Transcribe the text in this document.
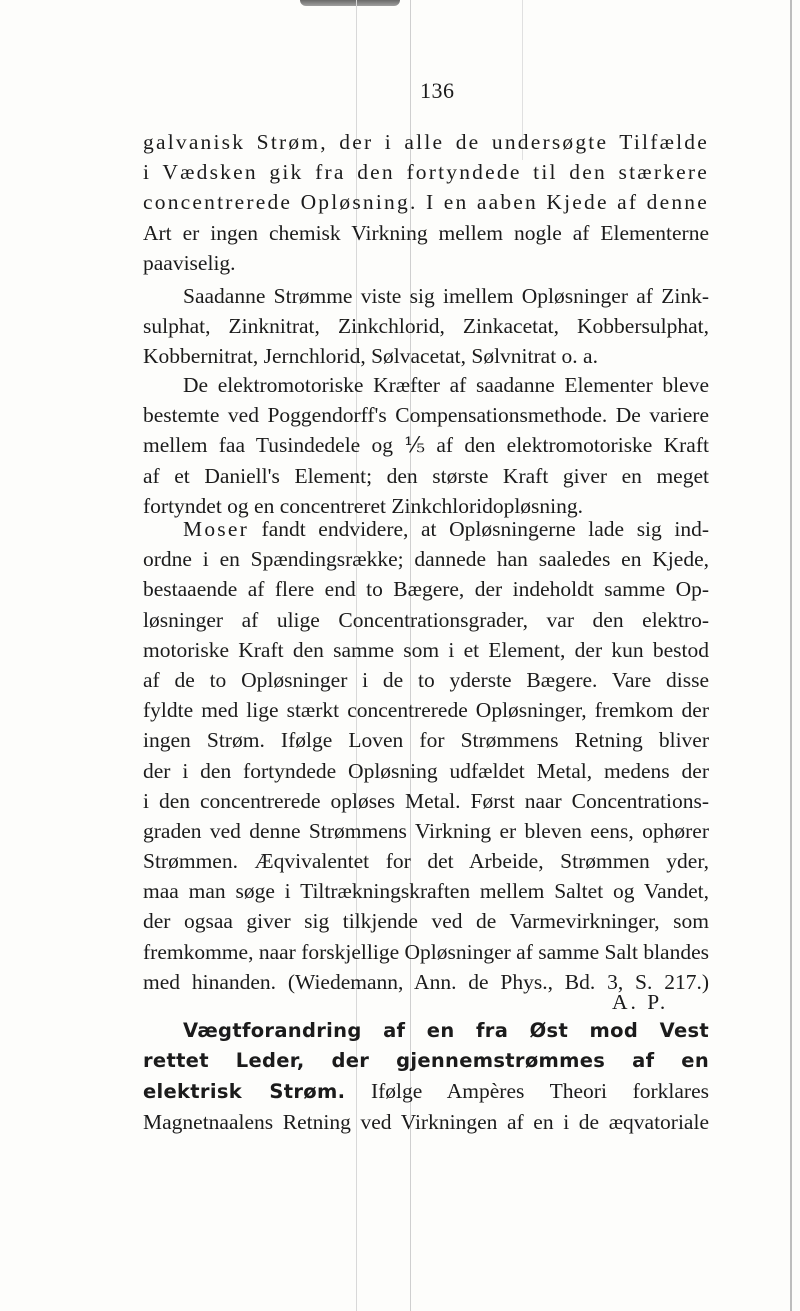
136
galvanisk Strøm, der i alle de undersøgte Tilfælde
i Vædsken gik fra den fortyndede til den stærkere
concentrerede Opløsning. I en aaben Kjede af denne
Art er ingen chemisk Virkning mellem nogle af Elementerne
paaviselig.
Saadanne Strømme viste sig imellem Opløsninger af Zink-
sulphat, Zinknitrat, Zinkchlorid, Zinkacetat, Kobbersulphat,
Kobbernitrat, Jernchlorid, Sølvacetat, Sølvnitrat o. a.
De elektromotoriske Kræfter af saadanne Elementer bleve
bestemte ved Poggendorff's Compensationsmethode. De variere
mellem faa Tusindedele og ⅕ af den elektromotoriske Kraft
af et Daniell's Element; den største Kraft giver en meget
fortyndet og en concentreret Zinkchloridopløsning.
Moser fandt endvidere, at Opløsningerne lade sig ind-
ordne i en Spændingsrække; dannede han saaledes en Kjede,
bestaaende af flere end to Bægere, der indeholdt samme Op-
løsninger af ulige Concentrationsgrader, var den elektro-
motoriske Kraft den samme som i et Element, der kun bestod
af de to Opløsninger i de to yderste Bægere. Vare disse
fyldte med lige stærkt concentrerede Opløsninger, fremkom der
ingen Strøm. Ifølge Loven for Strømmens Retning bliver
der i den fortyndede Opløsning udfældet Metal, medens der
i den concentrerede opløses Metal. Først naar Concentrations-
graden ved denne Strømmens Virkning er bleven eens, ophører
Strømmen. Æqvivalentet for det Arbeide, Strømmen yder,
maa man søge i Tiltrækningskraften mellem Saltet og Vandet,
der ogsaa giver sig tilkjende ved de Varmevirkninger, som
fremkomme, naar forskjellige Opløsninger af samme Salt blandes
med hinanden. (Wiedemann, Ann. de Phys., Bd. 3, S. 217.)
A. P.
Vægtforandring af en fra Øst mod Vest
rettet Leder, der gjennemstrømmes af en
elektrisk Strøm. Ifølge Ampères Theori forklares
Magnetnaalens Retning ved Virkningen af en i de æqvatoriale
